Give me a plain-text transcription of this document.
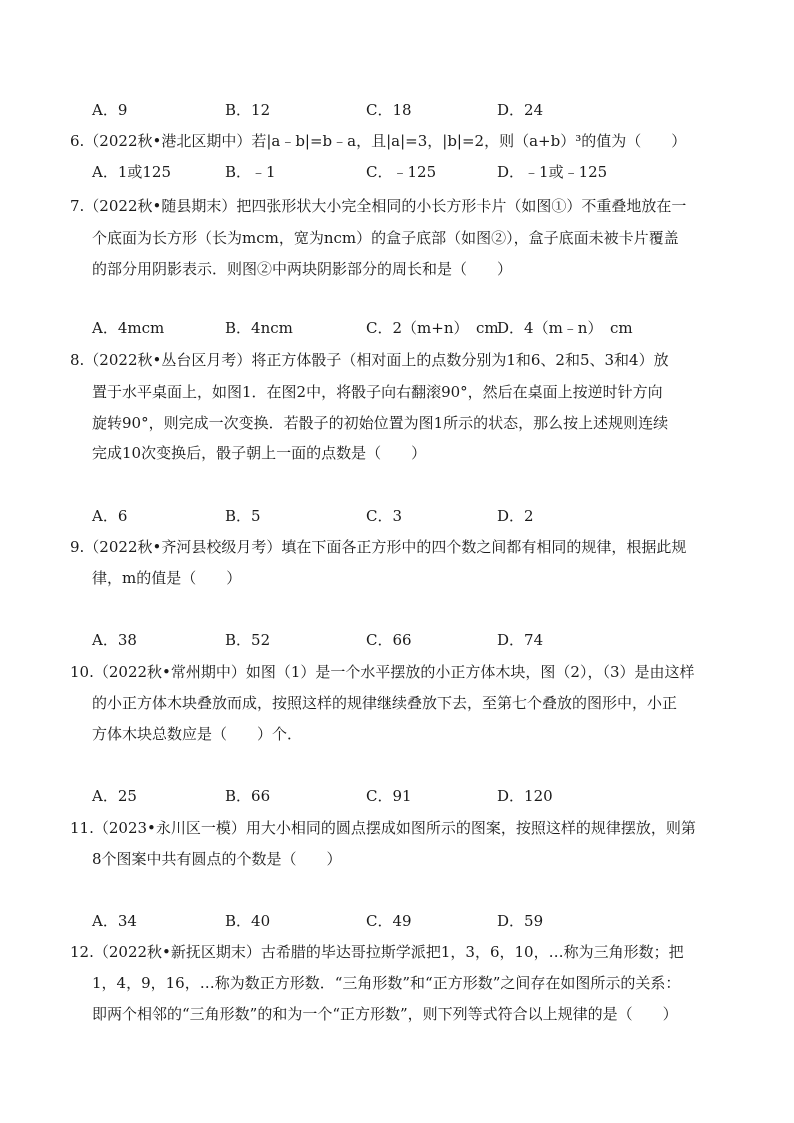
A．9	B．12	C．18	D．24
6.（2022秋•港北区期中）若|a﹣b|=b﹣a，且|a|=3，|b|=2，则（a+b）³的值为（　　）
A．1或125	B．﹣1	C．﹣125	D．﹣1或﹣125
7.（2022秋•随县期末）把四张形状大小完全相同的小长方形卡片（如图①）不重叠地放在一
个底面为长方形（长为mcm，宽为ncm）的盒子底部（如图②），盒子底面未被卡片覆盖
的部分用阴影表示．则图②中两块阴影部分的周长和是（　　）
A．4mcm	B．4ncm	C．2（m+n）　cm
D．4（m﹣n）　cm
8.（2022秋•丛台区月考）将正方体骰子（相对面上的点数分别为1和6、2和5、3和4）放
置于水平桌面上，如图1．在图2中，将骰子向右翻滚90°，然后在桌面上按逆时针方向
旋转90°，则完成一次变换．若骰子的初始位置为图1所示的状态，那么按上述规则连续
完成10次变换后，骰子朝上一面的点数是（　　）
A．6	B．5	C．3	D．2
9.（2022秋•齐河县校级月考）填在下面各正方形中的四个数之间都有相同的规律，根据此规
律，m的值是（　　）
A．38	B．52	C．66	D．74
10.（2022秋•常州期中）如图（1）是一个水平摆放的小正方体木块，图（2），（3）是由这样
的小正方体木块叠放而成，按照这样的规律继续叠放下去，至第七个叠放的图形中，小正
方体木块总数应是（　　）个．
A．25	B．66	C．91	D．120
11.（2023•永川区一模）用大小相同的圆点摆成如图所示的图案，按照这样的规律摆放，则第
8个图案中共有圆点的个数是（　　）
A．34	B．40	C．49	D．59
12.（2022秋•新抚区期末）古希腊的毕达哥拉斯学派把1，3，6，10，…称为三角形数；把
1，4，9，16，…称为数正方形数．“三角形数”和“正方形数”之间存在如图所示的关系：
即两个相邻的“三角形数”的和为一个“正方形数”，则下列等式符合以上规律的是（　　）
